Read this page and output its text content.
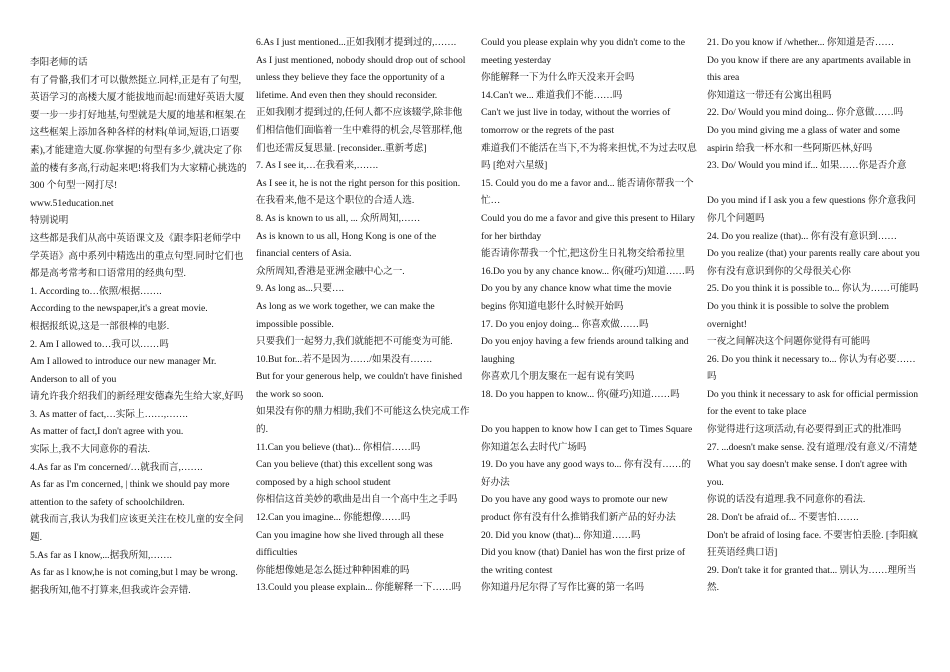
李阳老师的话

有了骨骼,我们才可以傲然挺立.同样,正是有了句型,英语学习的高楼大厦才能拔地而起!而建好英语大厦要一步一步打好地基,句型就是大厦的地基和框架.在这些框架上添加各种各样的材料(单词,短语,口语要素),才能建造大厦.你掌握的句型有多少,就决定了你盖的楼有多高,行动起来吧!将我们为大家精心挑选的 300 个句型一网打尽!

www.51education.net

特别说明

这些都是我们从高中英语课文及《跟李阳老师学中学英语》高中系列中精选出的重点句型.同时它们也都是高考常考和口语常用的经典句型.

1. According to…依照/根据…….

According to the newspaper,it's a great movie.

根据报纸说,这是一部很棒的电影.

2. Am I allowed to…我可以……吗

Am I allowed to introduce our new manager Mr. Anderson to all of you

请允许我介绍我们的新经理安德森先生给大家,好吗

3. As matter of fact,…实际上……,…….

As matter of fact,I don't agree with you.

实际上,我不大同意你的看法.

4.As far as I'm concerned/…就我而言,…….

As far as I'm concerned, | think we should pay more attention to the safety of schoolchildren.

就我而言,我认为我们应该更关注在校儿童的安全问题.

5.As far as I know,...据我所知,…….

As far as l know,he is not coming,but l may be wrong.

据我所知,他不打算来,但我或许会弄错.

6.As I just mentioned...正如我刚才提到过的,…….

As I just mentioned, nobody should drop out of school unless they believe they face the opportunity of a lifetime. And even then they should reconsider.

正如我刚才提到过的,任何人都不应该辍学,除非他们相信他们面临着一生中难得的机会,尽管那样,他们也还需反复思量. [reconsider..重新考虑]

7. As I see it,…在我看来,…….

As I see it, he is not the right person for this position. 在我看来,他不是这个职位的合适人选.

8. As is known to us all, ... 众所周知,……

As is known to us all, Hong Kong is one of the financial centers of Asia.

众所周知,香港是亚洲金融中心之一.

9. As long as...只要….

As long as we work together, we can make the impossible possible.

只要我们一起努力,我们就能把不可能变为可能.

10.But for...若不是因为……/如果没有…….

But for your generous help, we couldn't have finished the work so soon.

如果没有你的鼎力相助,我们不可能这么快完成工作的.

11.Can you believe (that)... 你相信……吗

Can you believe (that) this excellent song was composed by a high school student

你相信这首美妙的歌曲是出自一个高中生之手吗

12.Can you imagine... 你能想像……吗

Can you imagine how she lived through all these difficulties

你能想像她是怎么挺过种种困难的吗

13.Could you please explain... 你能解释一下……吗

Could you please explain why you didn't come to the meeting yesterday

你能解释一下为什么昨天没来开会吗

14.Can't we... 难道我们不能……吗

Can't we just live in today, without the worries of tomorrow or the regrets of the past

难道我们不能活在当下,不为将来担忧,不为过去叹息吗 [绝对六星级]

15. Could you do me a favor and... 能否请你帮我一个忙…

Could you do me a favor and give this present to Hilary for her birthday

能否请你帮我一个忙,把这份生日礼物交给希拉里

16.Do you by any chance know... 你(碰巧)知道……吗

Do you by any chance know what time the movie begins 你知道电影什么时候开始吗

17. Do you enjoy doing... 你喜欢做……吗

Do you enjoy having a few friends around talking and laughing

你喜欢几个朋友聚在一起有说有笑吗

18. Do you happen to know... 你(碰巧)知道……吗

Do you happen to know how I can get to Times Square 你知道怎么去时代广场吗

19. Do you have any good ways to... 你有没有……的好办法

Do you have any good ways to promote our new product 你有没有什么推销我们新产品的好办法

20. Did you know (that)... 你知道……吗

Did you know (that) Daniel has won the first prize of the writing contest

你知道丹尼尔得了写作比赛的第一名吗

21. Do you know if /whether... 你知道是否……

Do you know if there are any apartments available in this area

你知道这一带还有公寓出租吗

22. Do/ Would you mind doing... 你介意做……吗

Do you mind giving me a glass of water and some aspirin 给我一杯水和一些阿斯匹林,好吗

23. Do/ Would you mind if... 如果……你是否介意

Do you mind if I ask you a few questions 你介意我问你几个问题吗

24. Do you realize (that)... 你有没有意识到……

Do you realize (that) your parents really care about you 你有没有意识到你的父母很关心你

25. Do you think it is possible to... 你认为……可能吗

Do you think it is possible to solve the problem overnight!

一夜之间解决这个问题你觉得有可能吗

26. Do you think it necessary to... 你认为有必要……吗

Do you think it necessary to ask for official permission for the event to take place

你觉得进行这项活动,有必要得到正式的批准吗

27. ...doesn't make sense. 没有道理/没有意义/不清楚

What you say doesn't make sense. I don't agree with you.

你说的话没有道理.我不同意你的看法.

28. Don't be afraid of... 不要害怕…….

Don't be afraid of losing face. 不要害怕丢脸. [李阳疯狂英语经典口语]

29. Don't take it for granted that... 别认为……理所当然.
